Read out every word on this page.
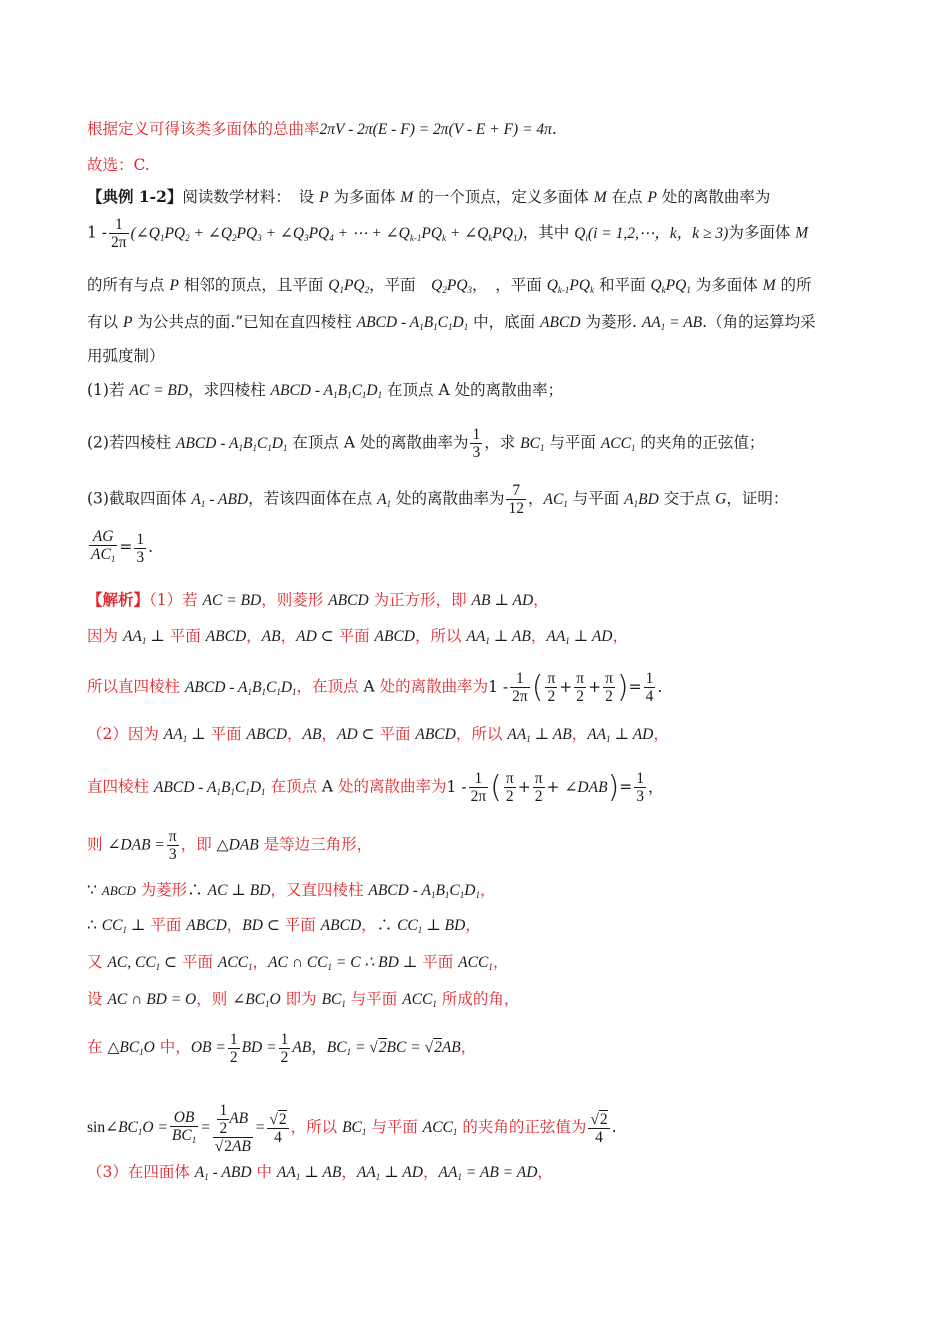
根据定义可得该类多面体的总曲率2πV - 2π(E - F) = 2π(V - E + F) = 4π.
故选：C.
【典例 1-2】阅读数学材料：　设 P 为多面体 M 的一个顶点，定义多面体 M 在点 P 处的离散曲率为
$1 - \frac{1}{2\pi}$ ($\angle Q_1PQ_2$ + $\angle Q_2PQ_3$ + $\angle Q_3PQ_4$ + ⋯ + $\angle Q_{k-1}PQ_k$ + $\angle Q_kPQ_1$)，其中 $Q_i(i$ = 1,2,⋯，k，k ≥ 3)为多面体 M
的所有与点 P 相邻的顶点，且平面 $Q_1PQ_2$，平面　$Q_2PQ_3$，　，平面 $Q_{k-1}PQ_k$ 和平面 $Q_kPQ_1$ 为多面体 M 的所
有以 P 为公共点的面.”已知在直四棱柱 ABCD - $A_1B_1C_1D_1$ 中，底面 ABCD 为菱形. $AA_1 = AB$.（角的运算均采
用弧度制）
(1)若 AC = BD，求四棱柱 ABCD - $A_1B_1C_1D_1$ 在顶点 A 处的离散曲率；
(2)若四棱柱 ABCD - $A_1B_1C_1D_1$ 在顶点 A 处的离散曲率为 $\frac{1}{3}$ ，求 $BC_1$ 与平面 $ACC_1$ 的夹角的正弦值；
(3)截取四面体 $A_1$ - ABD，若该四面体在点 $A_1$ 处的离散曲率为 $\frac{7}{12}$ ，$AC_1$ 与平面 $A_1BD$ 交于点 G，证明：
$\frac{AG}{AC_1} = \frac{1}{3}$ .
【解析】（1）若 AC = BD，则菱形 ABCD 为正方形，即 AB ⊥ AD，
因为 $AA_1$ ⊥ 平面 ABCD，AB，AD ⊂ 平面 ABCD，所以 $AA_1$ ⊥ AB，$AA_1$ ⊥ AD，
所以直四棱柱 ABCD - $A_1B_1C_1D_1$，在顶点 A 处的离散曲率为$1 - \frac{1}{2\pi}$ ( $\frac{\pi}{2} + \frac{\pi}{2} + \frac{\pi}{2}$ )= $\frac{1}{4}$ .
（2）因为 $AA_1$ ⊥ 平面 ABCD，AB，AD ⊂ 平面 ABCD，所以 $AA_1$ ⊥ AB，$AA_1$ ⊥ AD，
直四棱柱 ABCD - $A_1B_1C_1D_1$ 在顶点 A 处的离散曲率为$1 - \frac{1}{2\pi}$ ( $\frac{\pi}{2} + \frac{\pi}{2}$ + ∠DAB)= $\frac{1}{3}$ ，
则 ∠DAB = $\frac{\pi}{3}$ ，即 △DAB 是等边三角形，
∵ ABCD 为菱形∴ AC ⊥ BD，又直四棱柱 ABCD - $A_1B_1C_1D_1$，
∴ $CC_1$ ⊥ 平面 ABCD，BD ⊂ 平面 ABCD，∴ $CC_1$ ⊥ BD，
又 AC, $CC_1$ ⊂ 平面 $ACC_1$，AC ∩ $CC_1 = C$ ∴ BD ⊥ 平面 $ACC_1$，
设 AC ∩ BD = O，则 $\angle BC_1O$ 即为 $BC_1$ 与平面 $ACC_1$ 所成的角，
在 $\triangle BC_1O$ 中，OB = $\frac{1}{2}$ BD = $\frac{1}{2}$ AB，$BC_1 = √2BC = √2AB$，
$\sin\angle BC_1O = \frac{OB}{BC_1} = \frac{\frac{1}{2} AB}{√2AB} = \frac{√2}{4}$ ，所以 $BC_1$ 与平面 $ACC_1$ 的夹角的正弦值为 $\frac{√2}{4}$ .
（3）在四面体 $A_1$ - ABD 中 $AA_1$ ⊥ AB，$AA_1$ ⊥ AD，$AA_1$ = AB = AD，
